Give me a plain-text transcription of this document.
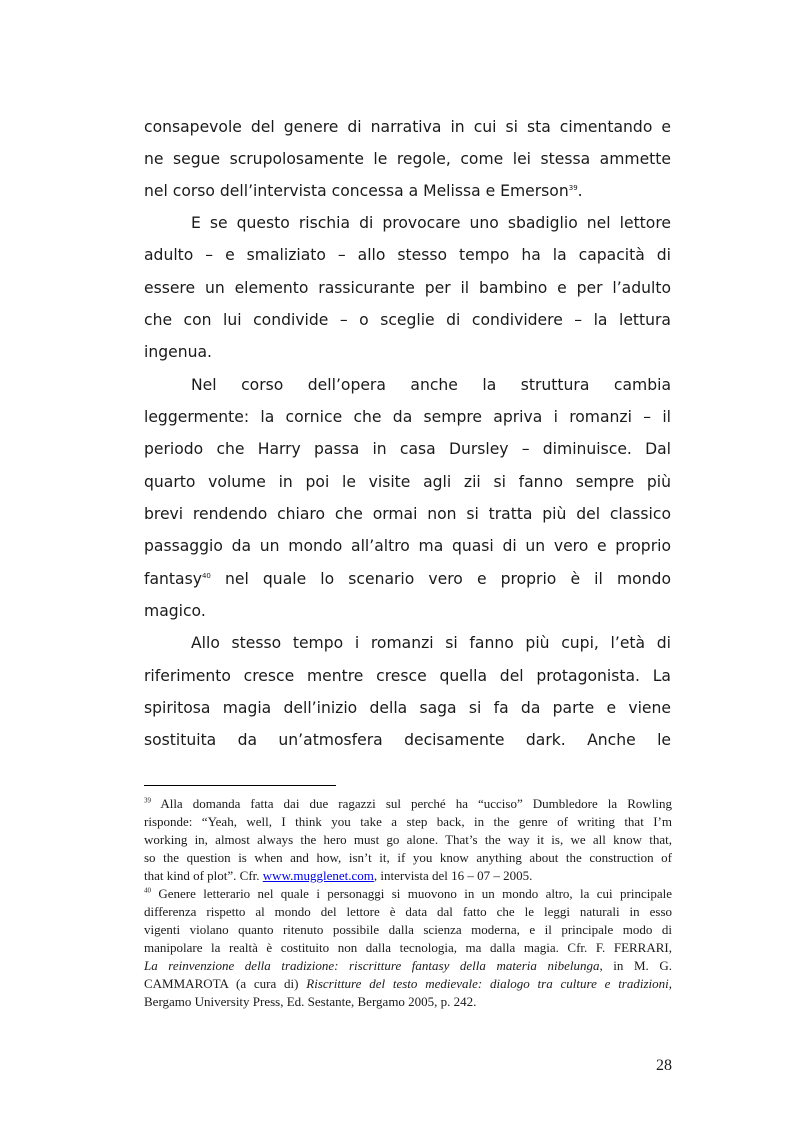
consapevole del genere di narrativa in cui si sta cimentando e
ne segue scrupolosamente le regole, come lei stessa ammette
nel corso dell’intervista concessa a Melissa e Emerson$^{39}$.
E se questo rischia di provocare uno sbadiglio nel lettore
adulto – e smaliziato – allo stesso tempo ha la capacità di
essere un elemento rassicurante per il bambino e per l’adulto
che con lui condivide – o sceglie di condividere – la lettura
ingenua.
Nel corso dell’opera anche la struttura cambia
leggermente: la cornice che da sempre apriva i romanzi – il
periodo che Harry passa in casa Dursley – diminuisce. Dal
quarto volume in poi le visite agli zii si fanno sempre più
brevi rendendo chiaro che ormai non si tratta più del classico
passaggio da un mondo all’altro ma quasi di un vero e proprio
fantasy$^{40}$ nel quale lo scenario vero e proprio è il mondo
magico.
Allo stesso tempo i romanzi si fanno più cupi, l’età di
riferimento cresce mentre cresce quella del protagonista. La
spiritosa magia dell’inizio della saga si fa da parte e viene
sostituita da un’atmosfera decisamente dark. Anche le
$^{39}$ Alla domanda fatta dai due ragazzi sul perché ha “ucciso” Dumbledore la Rowling
risponde: “Yeah, well, I think you take a step back, in the genre of writing that I’m
working in, almost always the hero must go alone. That’s the way it is, we all know that,
so the question is when and how, isn’t it, if you know anything about the construction of
that kind of plot”. Cfr. www.mugglenet.com, intervista del 16 – 07 – 2005.
$^{40}$ Genere letterario nel quale i personaggi si muovono in un mondo altro, la cui principale
differenza rispetto al mondo del lettore è data dal fatto che le leggi naturali in esso
vigenti violano quanto ritenuto possibile dalla scienza moderna, e il principale modo di
manipolare la realtà è costituito non dalla tecnologia, ma dalla magia. Cfr. F. FERRARI,
La reinvenzione della tradizione: riscritture fantasy della materia nibelunga, in M. G.
CAMMAROTA (a cura di) Riscritture del testo medievale: dialogo tra culture e tradizioni,
Bergamo University Press, Ed. Sestante, Bergamo 2005, p. 242.
28
